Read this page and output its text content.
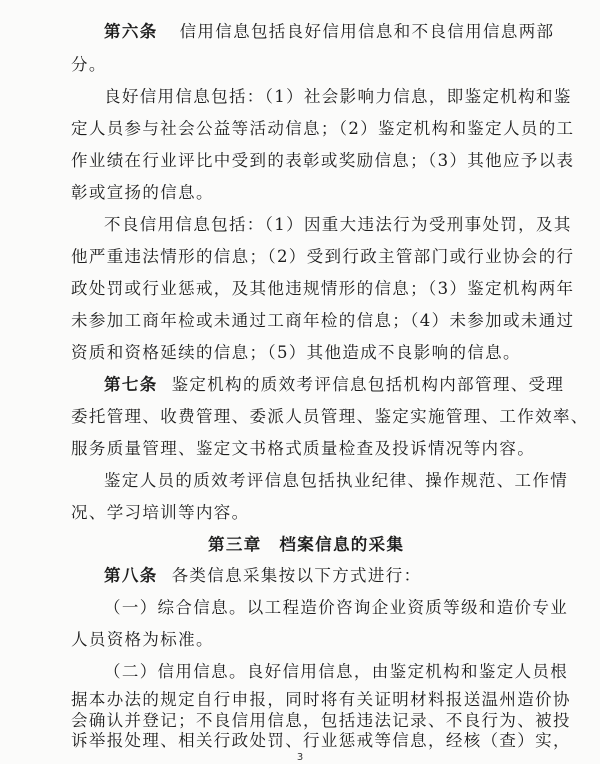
第六条 信用信息包括良好信用信息和不良信用信息两部
分。
良好信用信息包括：（1）社会影响力信息，即鉴定机构和鉴
定人员参与社会公益等活动信息；（2）鉴定机构和鉴定人员的工
作业绩在行业评比中受到的表彰或奖励信息；（3）其他应予以表
彰或宣扬的信息。
不良信用信息包括：（1）因重大违法行为受刑事处罚，及其
他严重违法情形的信息；（2）受到行政主管部门或行业协会的行
政处罚或行业惩戒，及其他违规情形的信息；（3）鉴定机构两年
未参加工商年检或未通过工商年检的信息；（4）未参加或未通过
资质和资格延续的信息；（5）其他造成不良影响的信息。
第七条 鉴定机构的质效考评信息包括机构内部管理、受理
委托管理、收费管理、委派人员管理、鉴定实施管理、工作效率、
服务质量管理、鉴定文书格式质量检查及投诉情况等内容。
鉴定人员的质效考评信息包括执业纪律、操作规范、工作情
况、学习培训等内容。
第三章　档案信息的采集
第八条 各类信息采集按以下方式进行：
（一）综合信息。以工程造价咨询企业资质等级和造价专业
人员资格为标准。
（二）信用信息。良好信用信息，由鉴定机构和鉴定人员根
据本办法的规定自行申报，同时将有关证明材料报送温州造价协
会确认并登记；不良信用信息，包括违法记录、不良行为、被投
诉举报处理、相关行政处罚、行业惩戒等信息，经核（查）实，
3
